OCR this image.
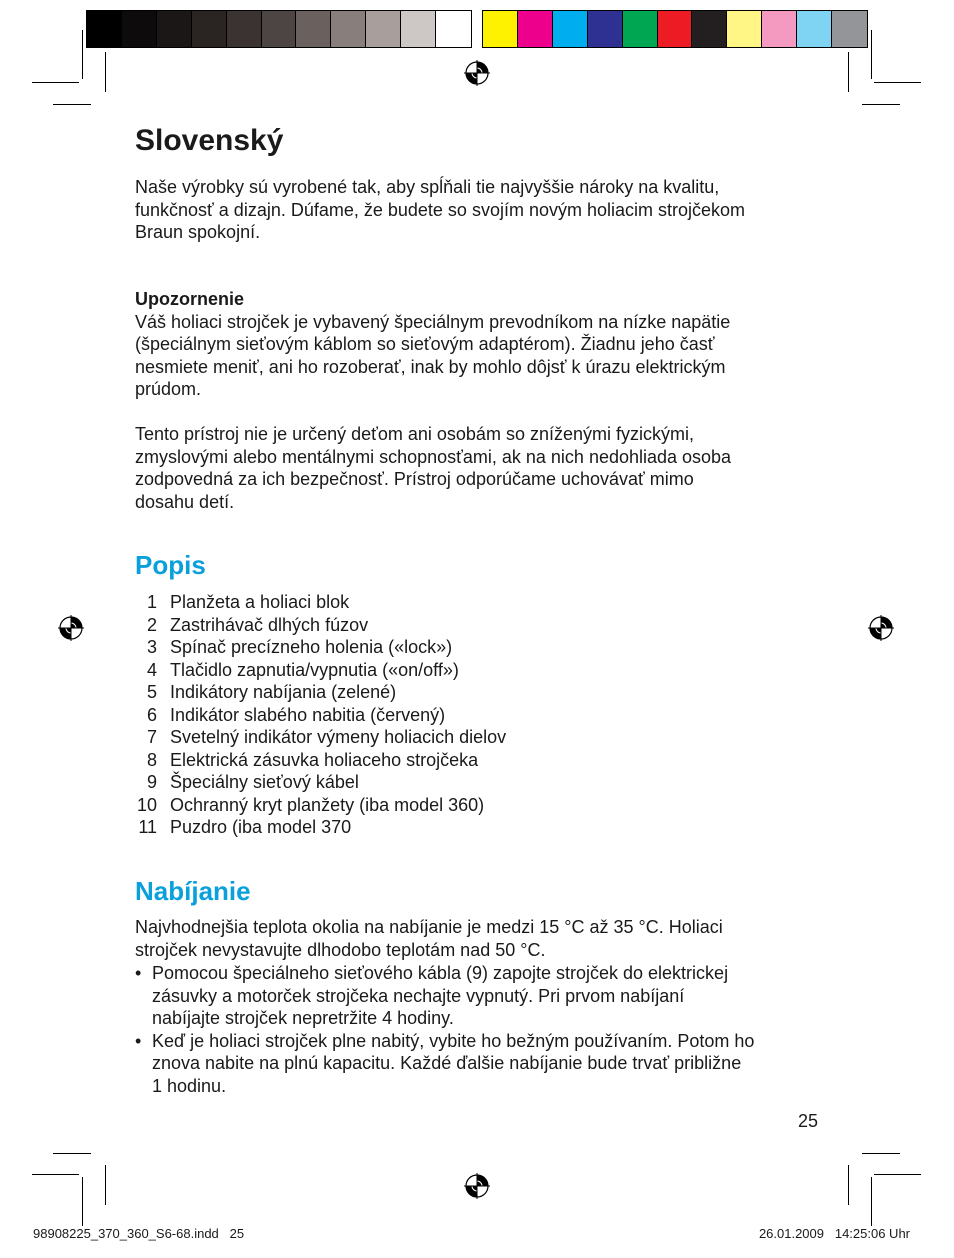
Slovenský

Naše výrobky sú vyrobené tak, aby spĺňali tie najvyššie nároky na kvalitu,
funkčnosť a dizajn. Dúfame, že budete so svojím novým holiacim strojčekom
Braun spokojní.

Upozornenie
Váš holiaci strojček je vybavený špeciálnym prevodníkom na nízke napätie
(špeciálnym sieťovým káblom so sieťovým adaptérom). Žiadnu jeho časť
nesmiete meniť, ani ho rozoberať, inak by mohlo dôjsť k úrazu elektrickým
prúdom.

Tento prístroj nie je určený deťom ani osobám so zníženými fyzickými,
zmyslovými alebo mentálnymi schopnosťami, ak na nich nedohliada osoba
zodpovedná za ich bezpečnosť. Prístroj odporúčame uchovávať mimo
dosahu detí.

Popis
1 Planžeta a holiaci blok
2 Zastrihávač dlhých fúzov
3 Spínač precízneho holenia («lock»)
4 Tlačidlo zapnutia/vypnutia («on/off»)
5 Indikátory nabíjania (zelené)
6 Indikátor slabého nabitia (červený)
7 Svetelný indikátor výmeny holiacich dielov
8 Elektrická zásuvka holiaceho strojčeka
9 Špeciálny sieťový kábel
10 Ochranný kryt planžety (iba model 360)
11 Puzdro (iba model 370
Nabíjanie

Najvhodnejšia teplota okolia na nabíjanie je medzi 15 °C až 35 °C. Holiaci
strojček nevystavujte dlhodobo teplotám nad 50 °C.

• Pomocou špeciálneho sieťového kábla (9) zapojte strojček do elektrickej
zásuvky a motorček strojčeka nechajte vypnutý. Pri prvom nabíjaní
nabíjajte strojček nepretržite 4 hodiny.
• Keď je holiaci strojček plne nabitý, vybite ho bežným používaním. Potom ho
znova nabite na plnú kapacitu. Každé ďalšie nabíjanie bude trvať približne
1 hodinu.
25
98908225_370_360_S6-68.indd   25	26.01.2009   14:25:06 Uhr
